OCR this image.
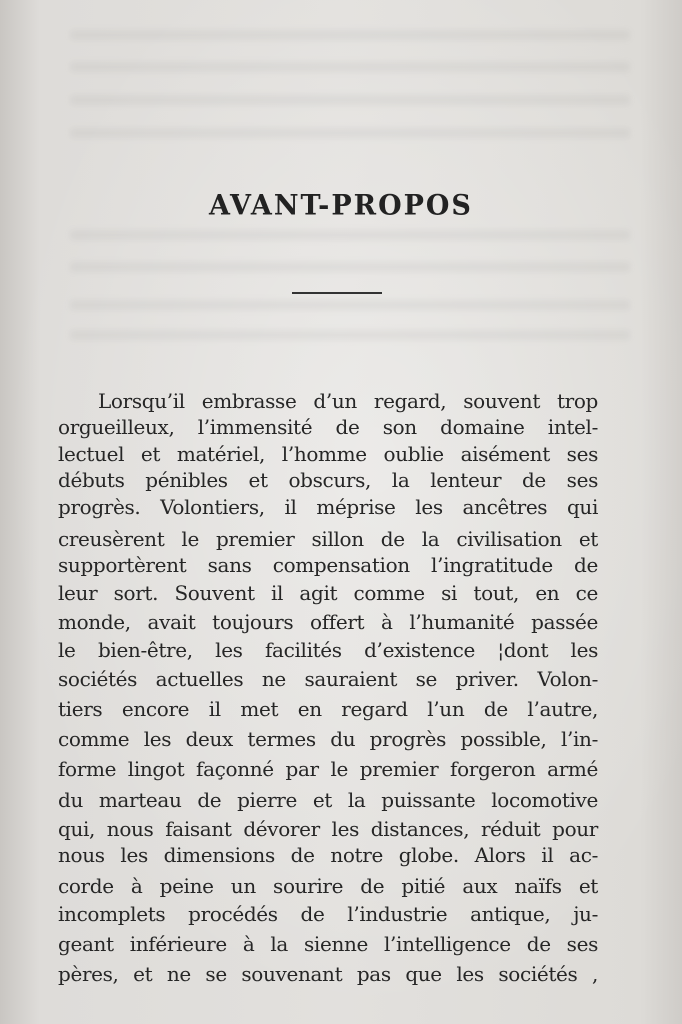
AVANT-PROPOS
Lorsqu’il embrasse d’un regard, souvent trop
orgueilleux, l’immensité de son domaine intel-
lectuel et matériel, l’homme oublie aisément ses
débuts pénibles et obscurs, la lenteur de ses
progrès. Volontiers, il méprise les ancêtres qui
creusèrent le premier sillon de la civilisation et
supportèrent sans compensation l’ingratitude de
leur sort. Souvent il agit comme si tout, en ce
monde, avait toujours offert à l’humanité passée
le bien-être, les facilités d’existence ¦dont les
sociétés actuelles ne sauraient se priver. Volon-
tiers encore il met en regard l’un de l’autre,
comme les deux termes du progrès possible, l’in-
forme lingot façonné par le premier forgeron armé
du marteau de pierre et la puissante locomotive
qui, nous faisant dévorer les distances, réduit pour
nous les dimensions de notre globe. Alors il ac-
corde à peine un sourire de pitié aux naïfs et
incomplets procédés de l’industrie antique, ju-
geant inférieure à la sienne l’intelligence de ses
pères, et ne se souvenant pas que les sociétés ,
